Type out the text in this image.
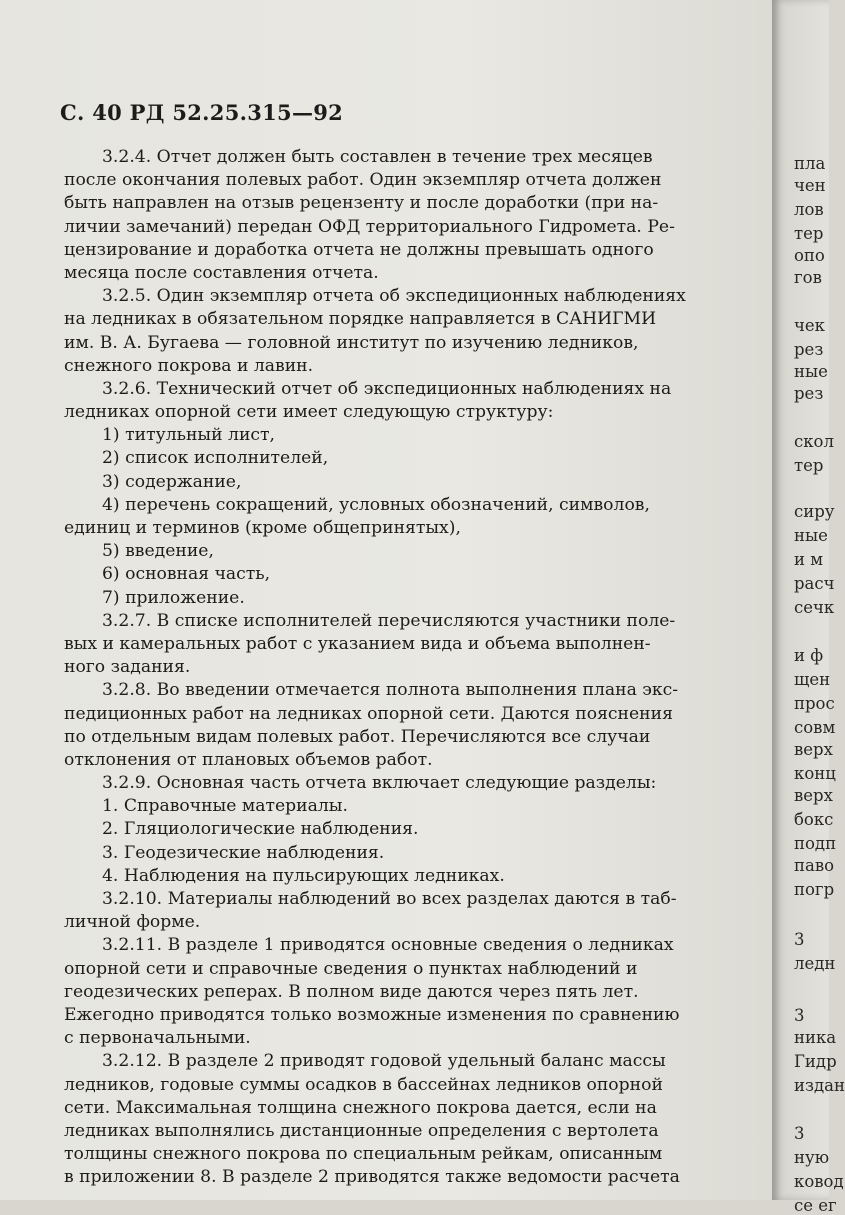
С. 40 РД 52.25.315—92
3.2.4. Отчет должен быть составлен в течение трех месяцев
после окончания полевых работ. Один экземпляр отчета должен
быть направлен на отзыв рецензенту и после доработки (при на-
личии замечаний) передан ОФД территориального Гидромета. Ре-
цензирование и доработка отчета не должны превышать одного
месяца после составления отчета.
3.2.5. Один экземпляр отчета об экспедиционных наблюдениях
на ледниках в обязательном порядке направляется в САНИГМИ
им. В. А. Бугаева — головной институт по изучению ледников,
снежного покрова и лавин.
3.2.6. Технический отчет об экспедиционных наблюдениях на
ледниках опорной сети имеет следующую структуру:
1) титульный лист,
2) список исполнителей,
3) содержание,
4) перечень сокращений, условных обозначений, символов,
единиц и терминов (кроме общепринятых),
5) введение,
6) основная часть,
7) приложение.
3.2.7. В списке исполнителей перечисляются участники поле-
вых и камеральных работ с указанием вида и объема выполнен-
ного задания.
3.2.8. Во введении отмечается полнота выполнения плана экс-
педиционных работ на ледниках опорной сети. Даются пояснения
по отдельным видам полевых работ. Перечисляются все случаи
отклонения от плановых объемов работ.
3.2.9. Основная часть отчета включает следующие разделы:
1. Справочные материалы.
2. Гляциологические наблюдения.
3. Геодезические наблюдения.
4. Наблюдения на пульсирующих ледниках.
3.2.10. Материалы наблюдений во всех разделах даются в таб-
личной форме.
3.2.11. В разделе 1 приводятся основные сведения о ледниках
опорной сети и справочные сведения о пунктах наблюдений и
геодезических реперах. В полном виде даются через пять лет.
Ежегодно приводятся только возможные изменения по сравнению
с первоначальными.
3.2.12. В разделе 2 приводят годовой удельный баланс массы
ледников, годовые суммы осадков в бассейнах ледников опорной
сети. Максимальная толщина снежного покрова дается, если на
ледниках выполнялись дистанционные определения с вертолета
толщины снежного покрова по специальным рейкам, описанным
в приложении 8. В разделе 2 приводятся также ведомости расчета
пла
чен
лов
тер
опо
гов
чек
рез
ные
рез
скол
тер
сиру
ные
и м
расч
сечк
и ф
щен
прос
совм
верх
конц
верх
бокс
подп
паво
погр
3
ледн
3
ника
Гидр
издан
3
ную
ковод
се ег
